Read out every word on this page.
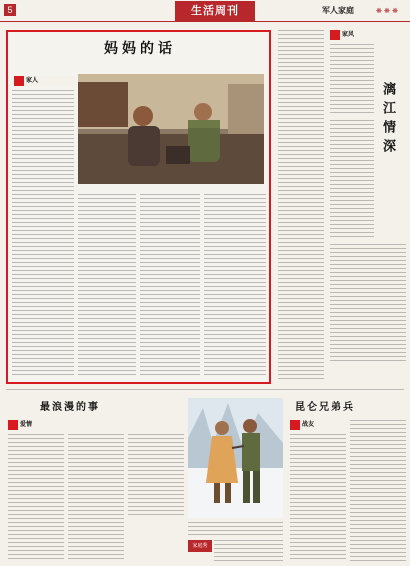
5	生活周刊	军人家庭	❋ ❋ ❋
妈妈的话
家人
家风
漓江情深
最浪漫的事
爱情
家庭秀
昆仑兄弟兵
战友
